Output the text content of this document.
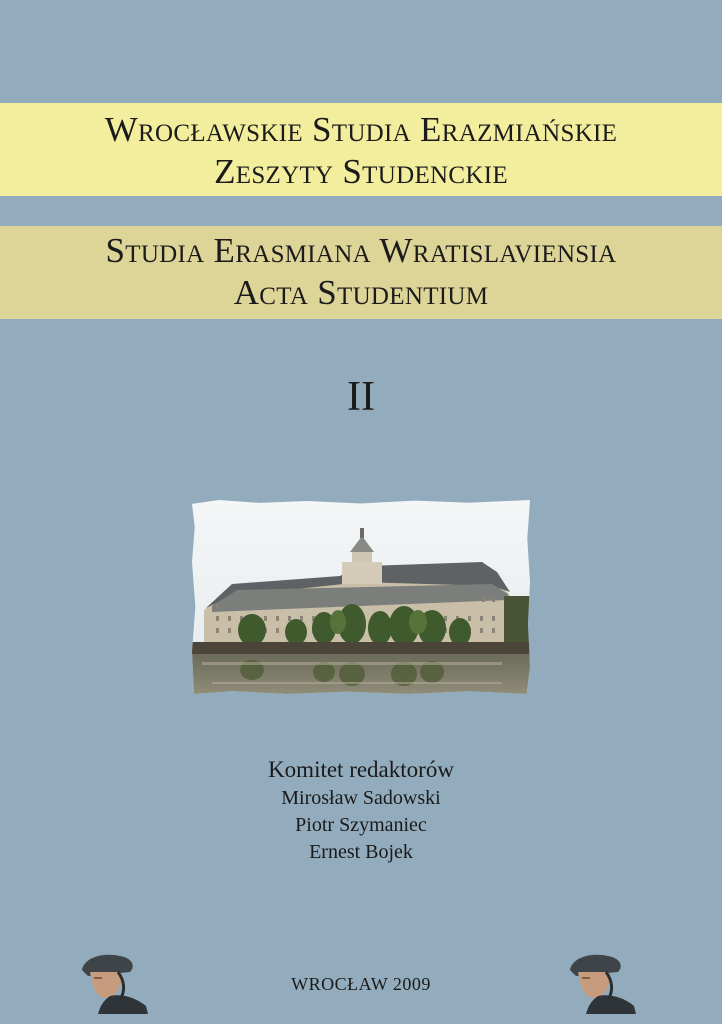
Wrocławskie Studia Erazmiańskie
Zeszyty Studenckie
Studia Erasmiana Wratislaviensia
Acta Studentium
II
Komitet redaktorów
Mirosław Sadowski
Piotr Szymaniec
Ernest Bojek
WROCŁAW 2009
